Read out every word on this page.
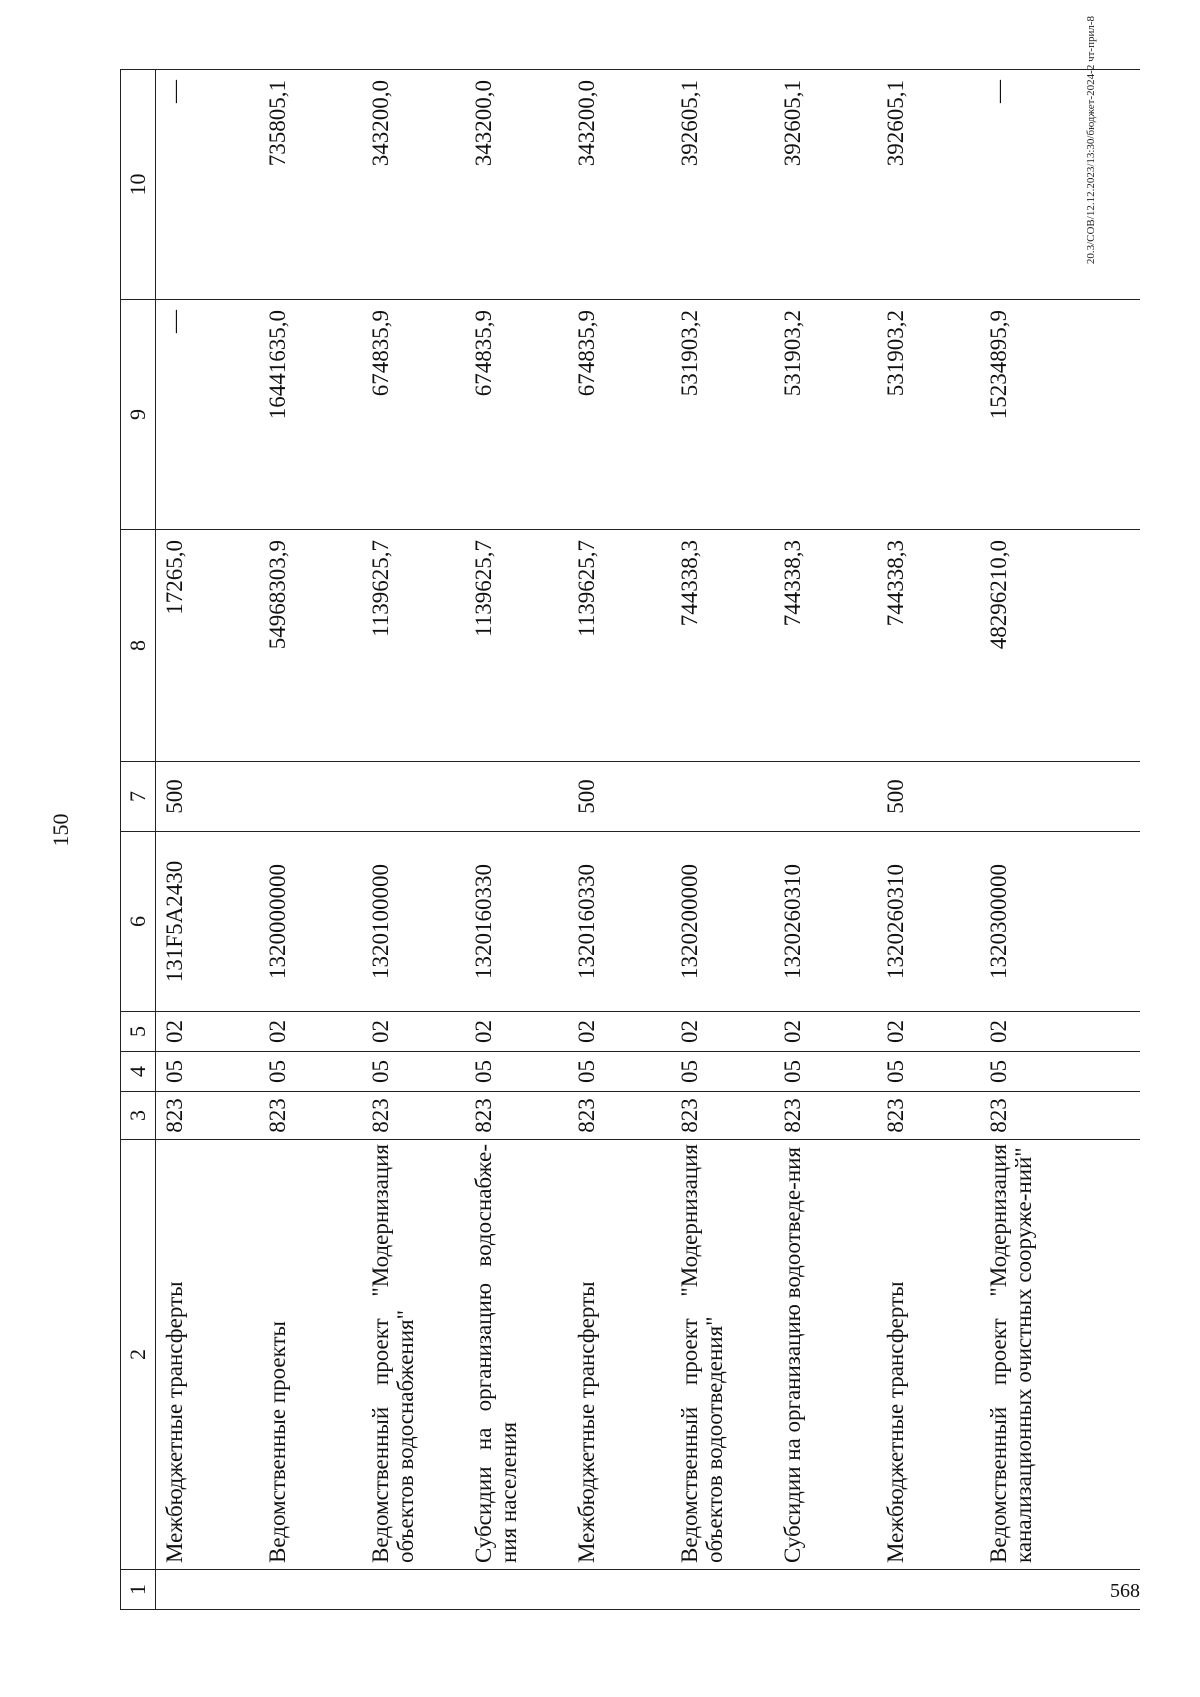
150
1	2	3	4	5	6	7	8	9	10
	Межбюджетные трансферты	823	05	02	131F5A2430	500	17265,0	—	—
	Ведомственные проекты	823	05	02	1320000000		54968303,9	16441635,0	735805,1
	Ведомственный проект "Модернизация объектов водоснабжения"	823	05	02	1320100000		1139625,7	674835,9	343200,0
	Субсидии на организацию водоснабже-ния населения	823	05	02	1320160330		1139625,7	674835,9	343200,0
	Межбюджетные трансферты	823	05	02	1320160330	500	1139625,7	674835,9	343200,0
	Ведомственный проект "Модернизация объектов водоотведения"	823	05	02	1320200000		744338,3	531903,2	392605,1
	Субсидии на организацию водоотведе-ния	823	05	02	1320260310		744338,3	531903,2	392605,1
	Межбюджетные трансферты	823	05	02	1320260310	500	744338,3	531903,2	392605,1
	Ведомственный проект "Модернизация канализационных очистных сооруже-ний"	823	05	02	1320300000		48296210,0	15234895,9	—	20.3/СОВ/12.12.2023/13:30/бюджет-2024-2 чт-прил-8
568
